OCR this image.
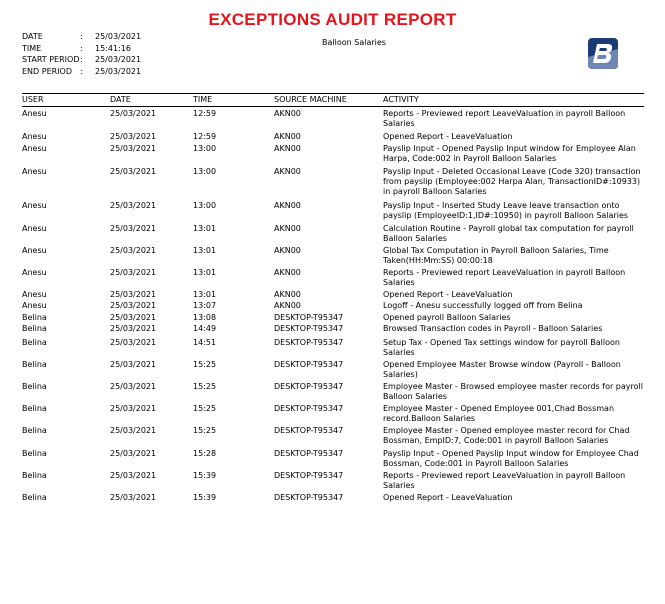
EXCEPTIONS AUDIT REPORT
DATE	:	25/03/2021
TIME	:	15:41:16
START PERIOD :	25/03/2021
END PERIOD	:	25/03/2021
Balloon Salaries
USER	DATE	TIME	SOURCE MACHINE	ACTIVITY
Anesu	25/03/2021	12:59	AKN00	Reports - Previewed report LeaveValuation in payroll Balloon Salaries
Anesu	25/03/2021	12:59	AKN00	Opened Report - LeaveValuation
Anesu	25/03/2021	13:00	AKN00	Payslip Input - Opened Payslip Input window for Employee Alan Harpa, Code:002 in Payroll Balloon Salaries
Anesu	25/03/2021	13:00	AKN00	Payslip Input - Deleted Occasional Leave (Code 320) transaction from payslip (Employee:002 Harpa Alan, TransactionID#:10933) in payroll Balloon Salaries
Anesu	25/03/2021	13:00	AKN00	Payslip Input - Inserted Study Leave leave transaction onto payslip (EmployeeID:1,ID#:10950) in payroll Balloon Salaries
Anesu	25/03/2021	13:01	AKN00	Calculation Routine - Payroll global tax computation for payroll Balloon Salaries
Anesu	25/03/2021	13:01	AKN00	Global Tax Computation in Payroll Balloon Salaries, Time Taken(HH:Mm:SS) 00:00:18
Anesu	25/03/2021	13:01	AKN00	Reports - Previewed report LeaveValuation in payroll Balloon Salaries
Anesu	25/03/2021	13:01	AKN00	Opened Report - LeaveValuation
Anesu	25/03/2021	13:07	AKN00	Logoff - Anesu successfully logged off from Belina
Belina	25/03/2021	13:08	DESKTOP-T95347	Opened payroll Balloon Salaries
Belina	25/03/2021	14:49	DESKTOP-T95347	Browsed Transaction codes in Payroll - Balloon Salaries
Belina	25/03/2021	14:51	DESKTOP-T95347	Setup Tax - Opened Tax settings window for payroll Balloon Salaries
Belina	25/03/2021	15:25	DESKTOP-T95347	Opened Employee Master Browse window (Payroll - Balloon Salaries)
Belina	25/03/2021	15:25	DESKTOP-T95347	Employee Master - Browsed employee master records for payroll Balloon Salaries
Belina	25/03/2021	15:25	DESKTOP-T95347	Employee Master - Opened Employee 001,Chad Bossman record.Balloon Salaries
Belina	25/03/2021	15:25	DESKTOP-T95347	Employee Master - Opened employee master record for Chad Bossman, EmpID:7, Code:001 in payroll Balloon Salaries
Belina	25/03/2021	15:28	DESKTOP-T95347	Payslip Input - Opened Payslip Input window for Employee Chad Bossman, Code:001 in Payroll Balloon Salaries
Belina	25/03/2021	15:39	DESKTOP-T95347	Reports - Previewed report LeaveValuation in payroll Balloon Salaries
Belina	25/03/2021	15:39	DESKTOP-T95347	Opened Report - LeaveValuation
